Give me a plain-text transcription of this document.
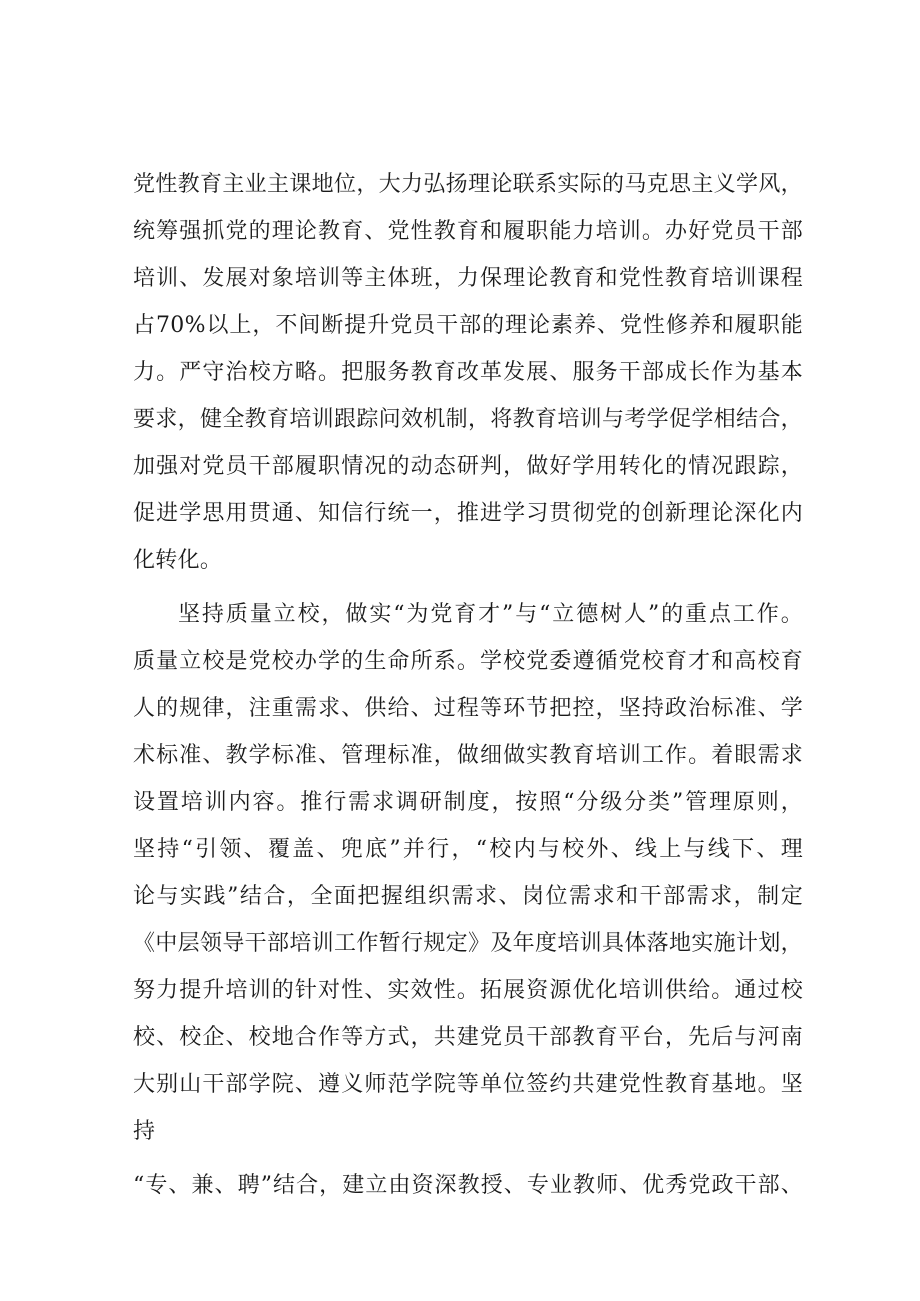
党性教育主业主课地位，大力弘扬理论联系实际的马克思主义学风，
统筹强抓党的理论教育、党性教育和履职能力培训。办好党员干部
培训、发展对象培训等主体班，力保理论教育和党性教育培训课程
占70%以上，不间断提升党员干部的理论素养、党性修养和履职能
力。严守治校方略。把服务教育改革发展、服务干部成长作为基本
要求，健全教育培训跟踪问效机制，将教育培训与考学促学相结合，
加强对党员干部履职情况的动态研判，做好学用转化的情况跟踪，
促进学思用贯通、知信行统一，推进学习贯彻党的创新理论深化内
化转化。
坚持质量立校，做实“为党育才”与“立德树人”的重点工作。
质量立校是党校办学的生命所系。学校党委遵循党校育才和高校育
人的规律，注重需求、供给、过程等环节把控，坚持政治标准、学
术标准、教学标准、管理标准，做细做实教育培训工作。着眼需求
设置培训内容。推行需求调研制度，按照“分级分类”管理原则，
坚持“引领、覆盖、兜底”并行，“校内与校外、线上与线下、理
论与实践”结合，全面把握组织需求、岗位需求和干部需求，制定
《中层领导干部培训工作暂行规定》及年度培训具体落地实施计划，
努力提升培训的针对性、实效性。拓展资源优化培训供给。通过校
校、校企、校地合作等方式，共建党员干部教育平台，先后与河南
大别山干部学院、遵义师范学院等单位签约共建党性教育基地。坚
持
“专、兼、聘”结合，建立由资深教授、专业教师、优秀党政干部、
